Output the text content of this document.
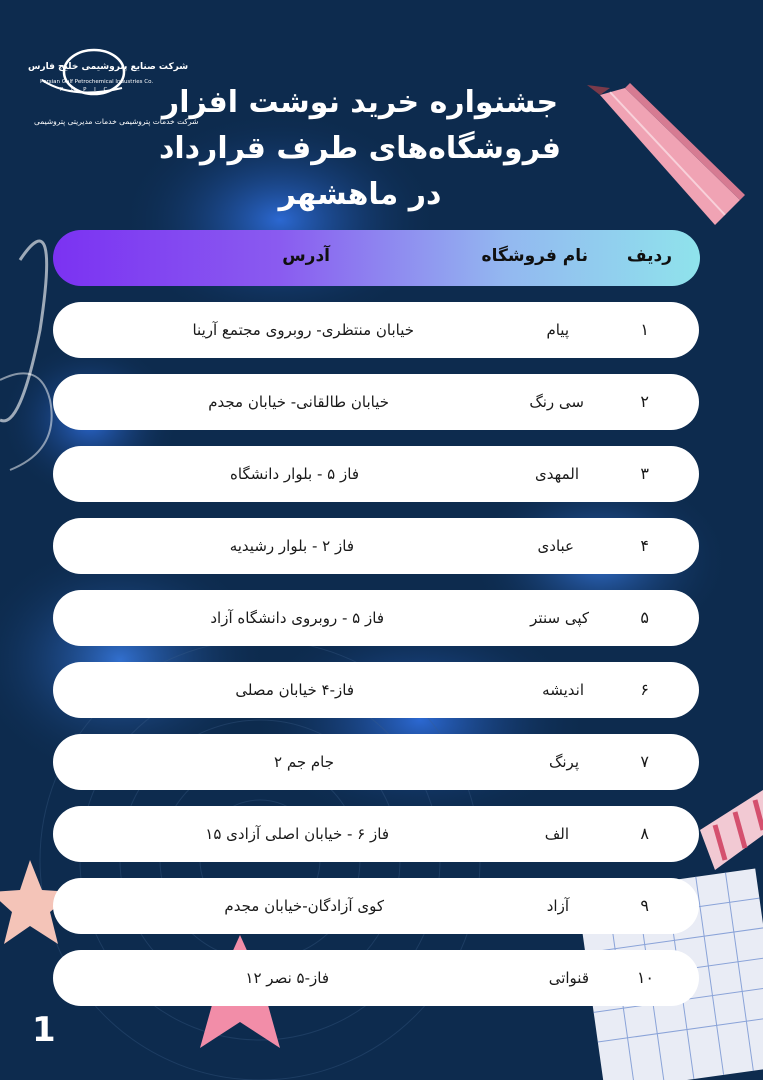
شرکت صنایع پتروشیمی خلیج فارس
Persian Gulf Petrochemical Industries Co.
P G P I C
شرکت خدمات پتروشیمی خدمات مدیریتی پتروشیمی
جشنواره خرید نوشت افزار
فروشگاه‌های طرف قرارداد
در ماهشهر
ردیف
نام فروشگاه
آدرس
۱
پیام
خیابان منتظری- روبروی مجتمع آرینا
۲
سی رنگ
خیابان طالقانی- خیابان مجدم
۳
المهدی
فاز ۵ - بلوار دانشگاه
۴
عبادی
فاز ۲ - بلوار رشیدیه
۵
کپی سنتر
فاز ۵ - روبروی دانشگاه آزاد
۶
اندیشه
فاز-۴ خیابان مصلی
۷
پرنگ
جام جم ۲
۸
الف
فاز ۶ - خیابان اصلی آزادی ۱۵
۹
آزاد
کوی آزادگان-خیابان مجدم
۱۰
قنواتی
فاز-۵ نصر ۱۲
1
